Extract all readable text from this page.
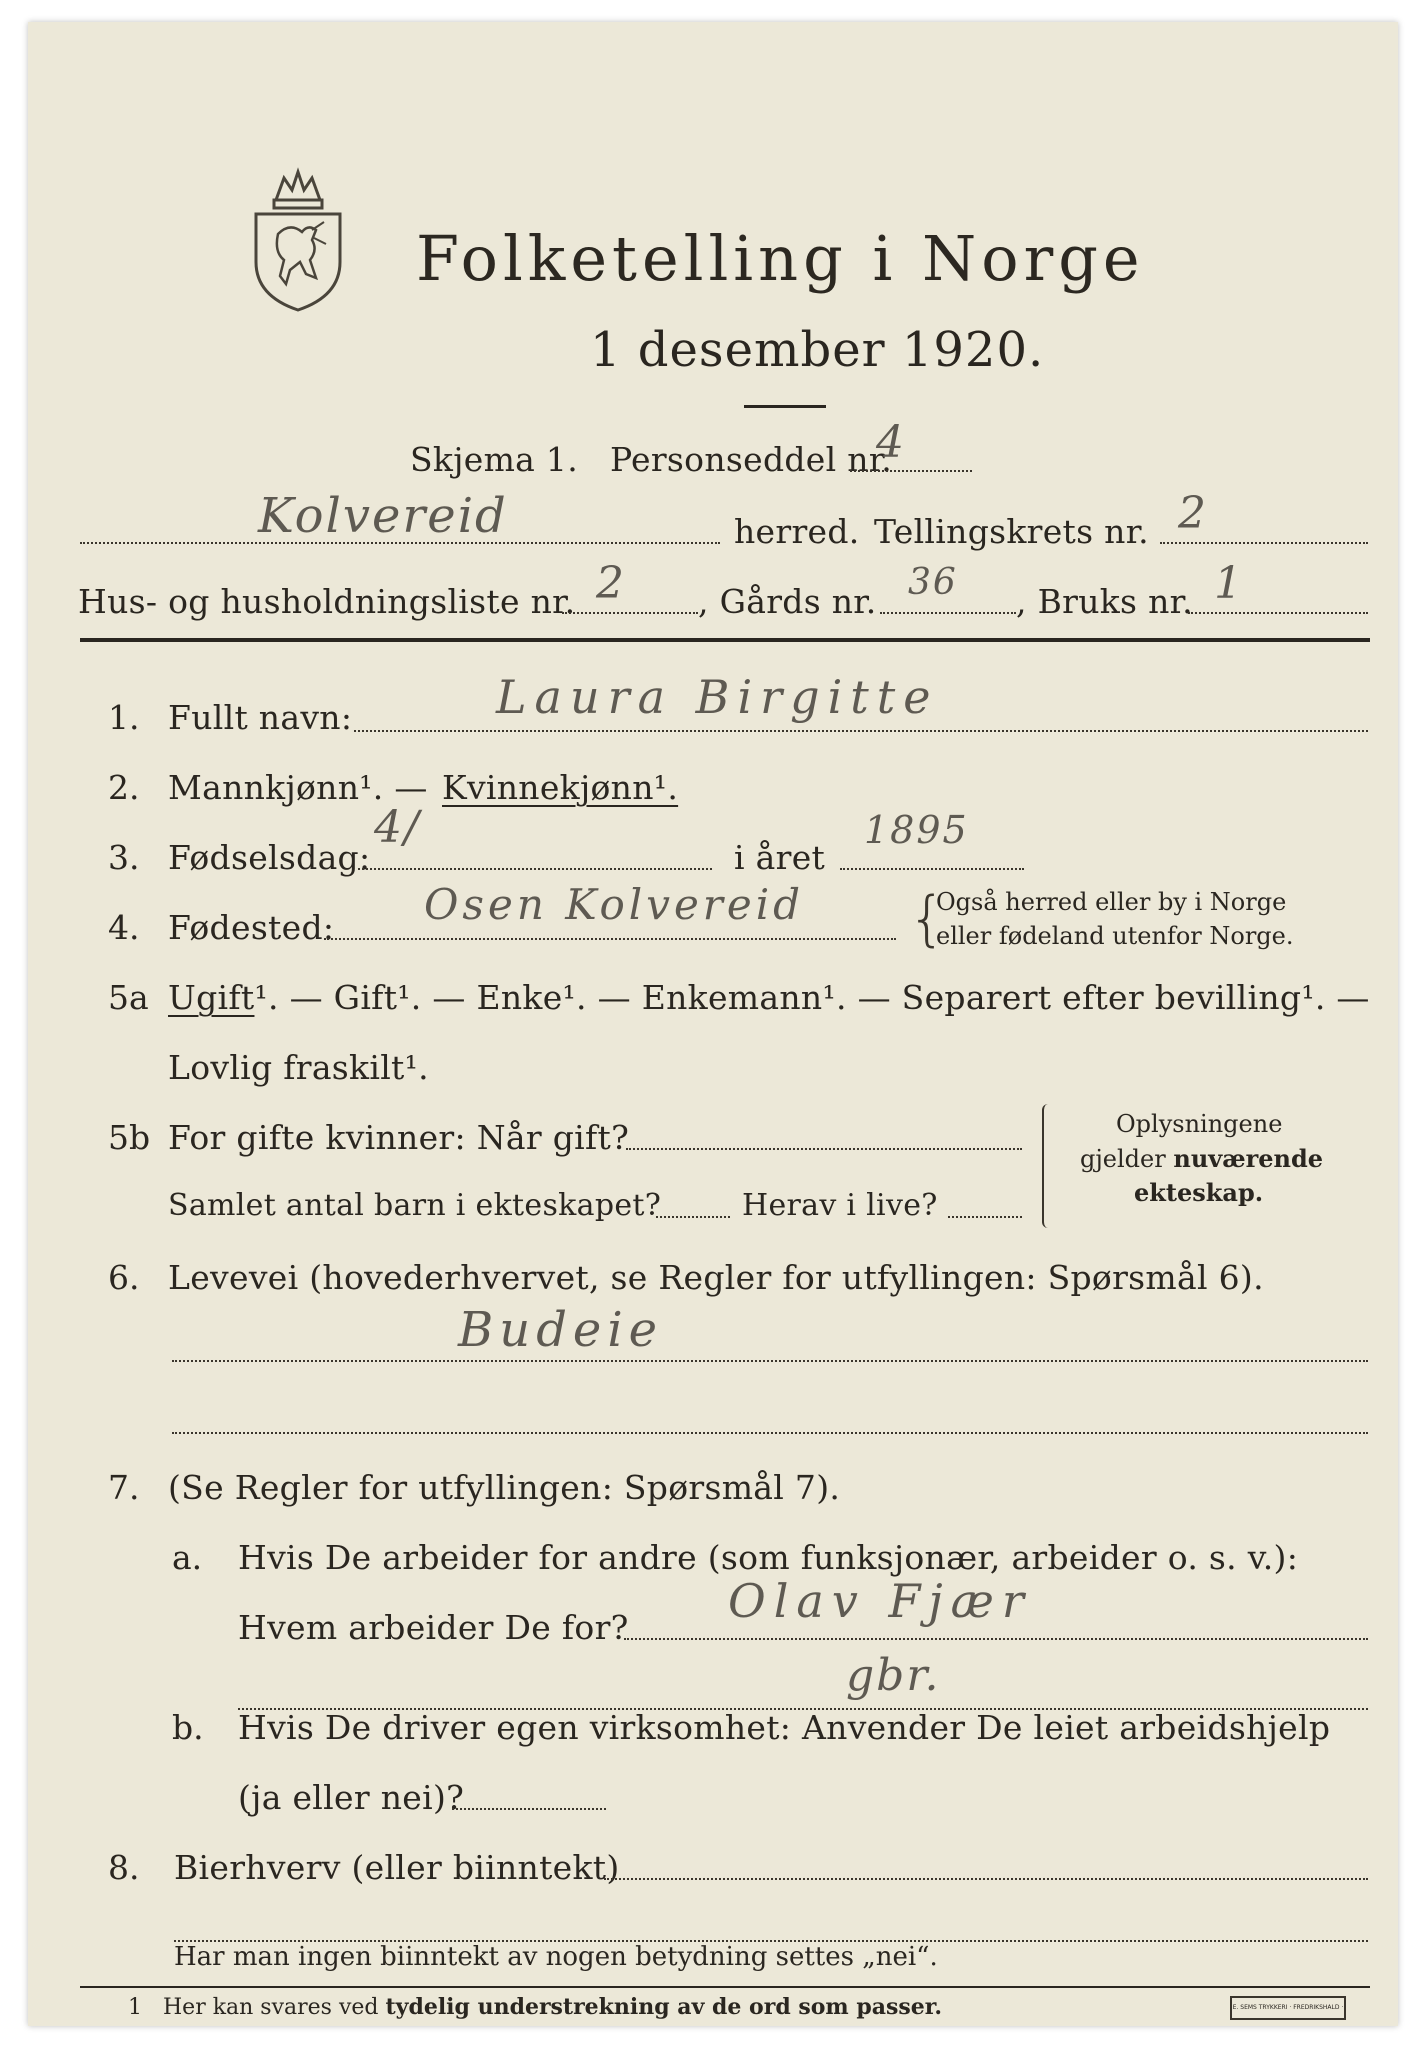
Folketelling i Norge
1 desember 1920.
Skjema 1. Personseddel nr.
4
Kolvereid	herred. Tellingskrets nr. 2
Hus- og husholdningsliste nr. 2 , Gårds nr. 36 , Bruks nr. 1
1. Fullt navn:	Laura Birgitte
2. Mannkjønn¹. — Kvinnekjønn¹.
3. Fødselsdag:
4/
i året
1895
4. Fødested: Osen Kolvereid {
Også herred eller by i Norge
eller fødeland utenfor Norge.
5a Ugift¹. — Gift¹. — Enke¹. — Enkemann¹. — Separert efter bevilling¹. —
Lovlig fraskilt¹.
5b For gifte kvinner: Når gift?
Samlet antal barn i ekteskapet?	Herav i live?
Oplysningene
gjelder nuværende
ekteskap.
6. Levevei (hovederhvervet, se Regler for utfyllingen: Spørsmål 6).
Budeie
7. (Se Regler for utfyllingen: Spørsmål 7).
a. Hvis De arbeider for andre (som funksjonær, arbeider o. s. v.):
Hvem arbeider De for? Olav Fjær
gbr.
b. Hvis De driver egen virksomhet: Anvender De leiet arbeidshjelp
(ja eller nei)?
8. Bierhverv (eller biinntekt)
Har man ingen biinntekt av nogen betydning settes „nei“.
1 Her kan svares ved tydelig understrekning av de ord som passer.	E. SEMS TRYKKERI · FREDRIKSHALD ·
